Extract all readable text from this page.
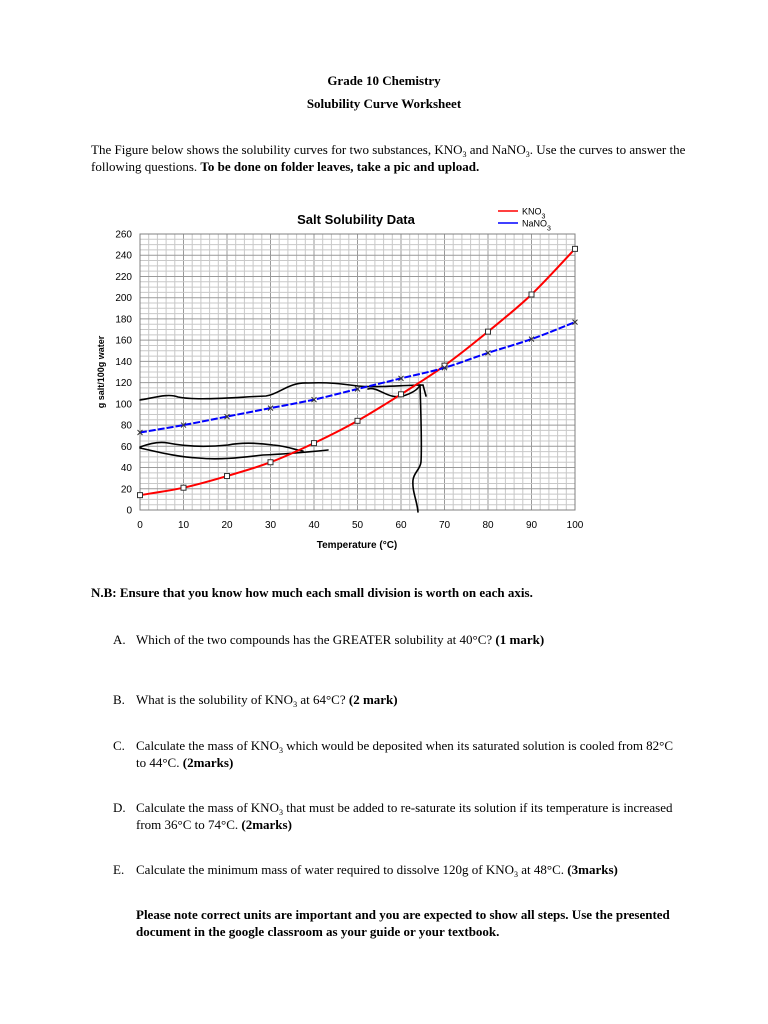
Grade 10 Chemistry
Solubility Curve Worksheet
The Figure below shows the solubility curves for two substances, $KNO_3$ and NaNO$_3$. Use the curves to answer the following questions. To be done on folder leaves, take a pic and upload.
0	10	20	30	40	50	60	70	80	90	100
0
20
40
60
80
100
120
140
160
180
200
220
240
260
Salt Solubility Data
Temperature (°C)
g salt/100g water
$KNO_3$
NaNO$_3$
N.B: Ensure that you know how much each small division is worth on each axis.
A. Which of the two compounds has the GREATER solubility at 40°C? (1 mark)
B. What is the solubility of $KNO_3$ at 64°C? (2 mark)
C. Calculate the mass of $KNO_3$ which would be deposited when its saturated solution is cooled from 82°C to 44°C. (2marks)
D. Calculate the mass of $KNO_3$ that must be added to re-saturate its solution if its temperature is increased from 36°C to 74°C. (2marks)
E. Calculate the minimum mass of water required to dissolve 120g of $KNO_3$ at 48°C. (3marks)
Please note correct units are important and you are expected to show all steps. Use the presented document in the google classroom as your guide or your textbook.
